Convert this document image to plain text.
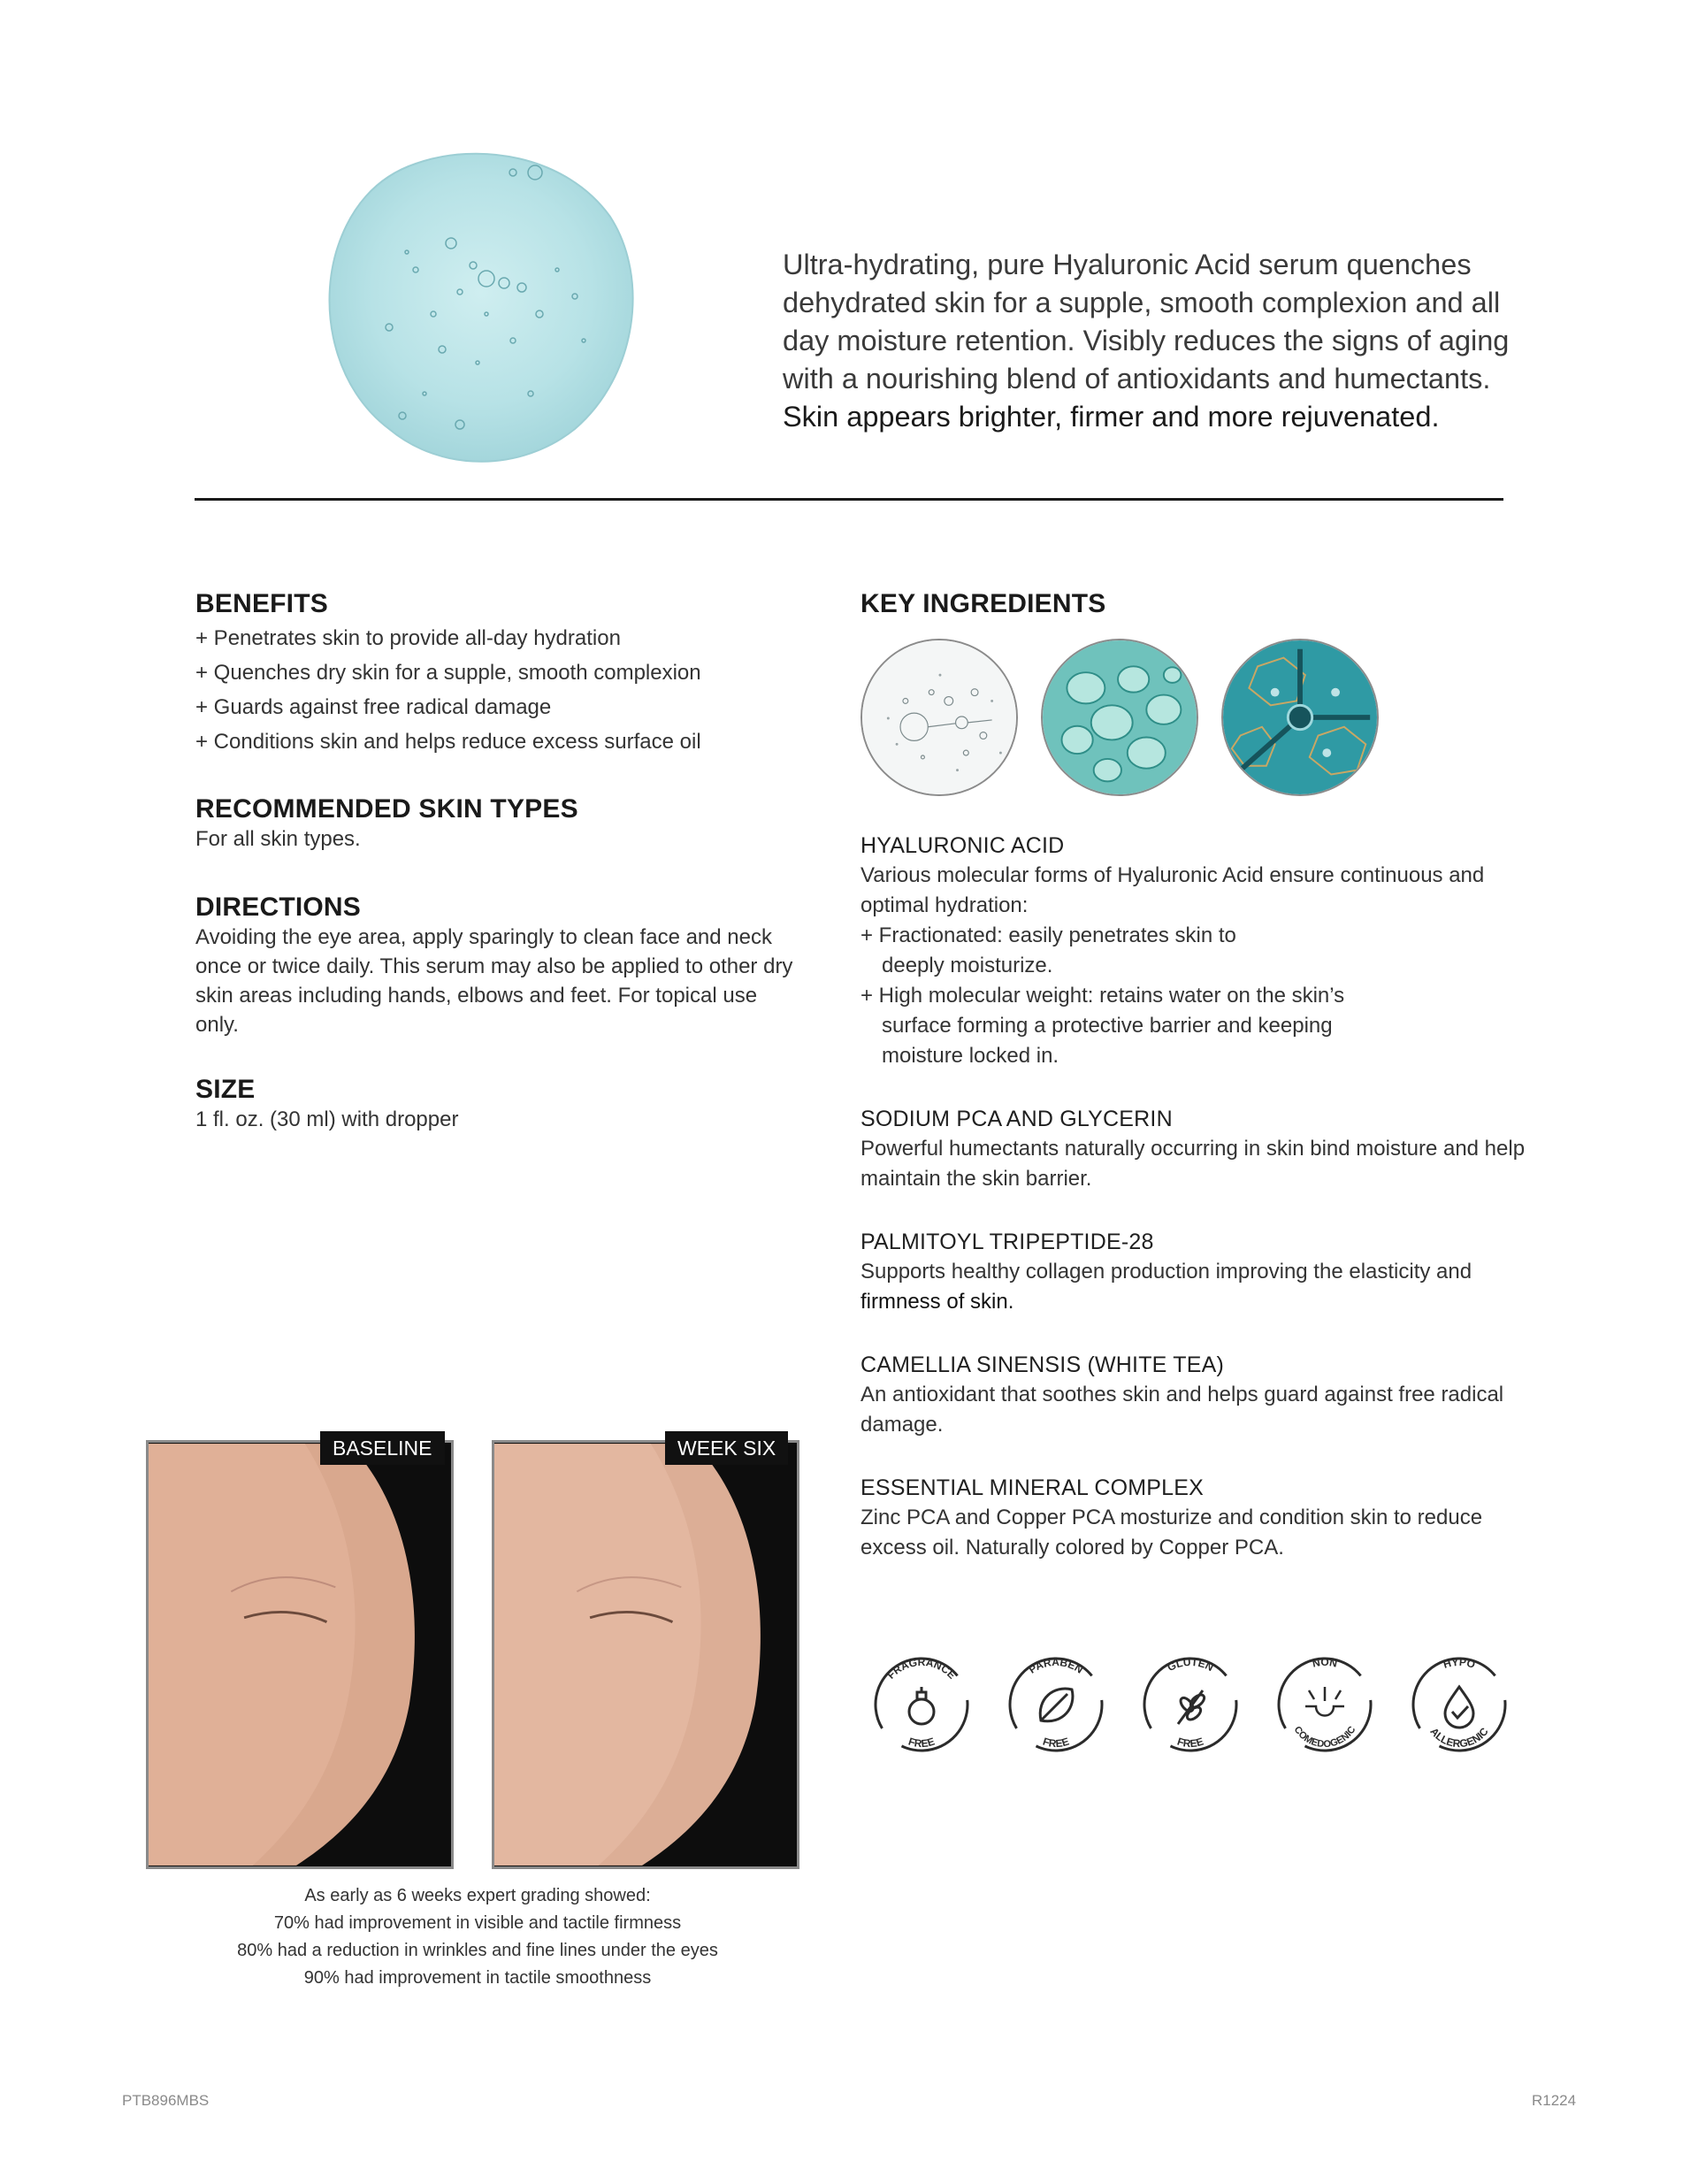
Ultra-hydrating, pure Hyaluronic Acid serum quenches dehydrated skin for a supple, smooth complexion and all day moisture retention. Visibly reduces the signs of aging with a nourishing blend of antioxidants and humectants. Skin appears brighter, firmer and more rejuvenated.

BENEFITS
+ Penetrates skin to provide all-day hydration
+ Quenches dry skin for a supple, smooth complexion
+ Guards against free radical damage
+ Conditions skin and helps reduce excess surface oil
RECOMMENDED SKIN TYPES

For all skin types.

DIRECTIONS

Avoiding the eye area, apply sparingly to clean face and neck once or twice daily. This serum may also be applied to other dry skin areas including hands, elbows and feet. For topical use only.

SIZE

1 fl. oz. (30 ml) with dropper

KEY INGREDIENTS
HYALURONIC ACID
Various molecular forms of Hyaluronic Acid ensure continuous and optimal hydration:
+ Fractionated: easily penetrates skin to
deeply moisturize.
+ High molecular weight: retains water on the skin’s
surface forming a protective barrier and keeping
moisture locked in.
SODIUM PCA AND GLYCERIN
Powerful humectants naturally occurring in skin bind moisture and help maintain the skin barrier.
PALMITOYL TRIPEPTIDE-28
Supports healthy collagen production improving the elasticity and
firmness of skin.
CAMELLIA SINENSIS (WHITE TEA)
An antioxidant that soothes skin and helps guard against free radical damage.
ESSENTIAL MINERAL COMPLEX
Zinc PCA and Copper PCA mosturize and condition skin to reduce excess oil. Naturally colored by Copper PCA.
BASELINE	WEEK SIX
As early as 6 weeks expert grading showed:
70% had improvement in visible and tactile firmness
80% had a reduction in wrinkles and fine lines under the eyes
90% had improvement in tactile smoothness
FRAGRANCE
FREE
PARABEN
FREE
GLUTEN
FREE
NON
COMEDOGENIC
HYPO
ALLERGENIC
PTB896MBS	R1224
